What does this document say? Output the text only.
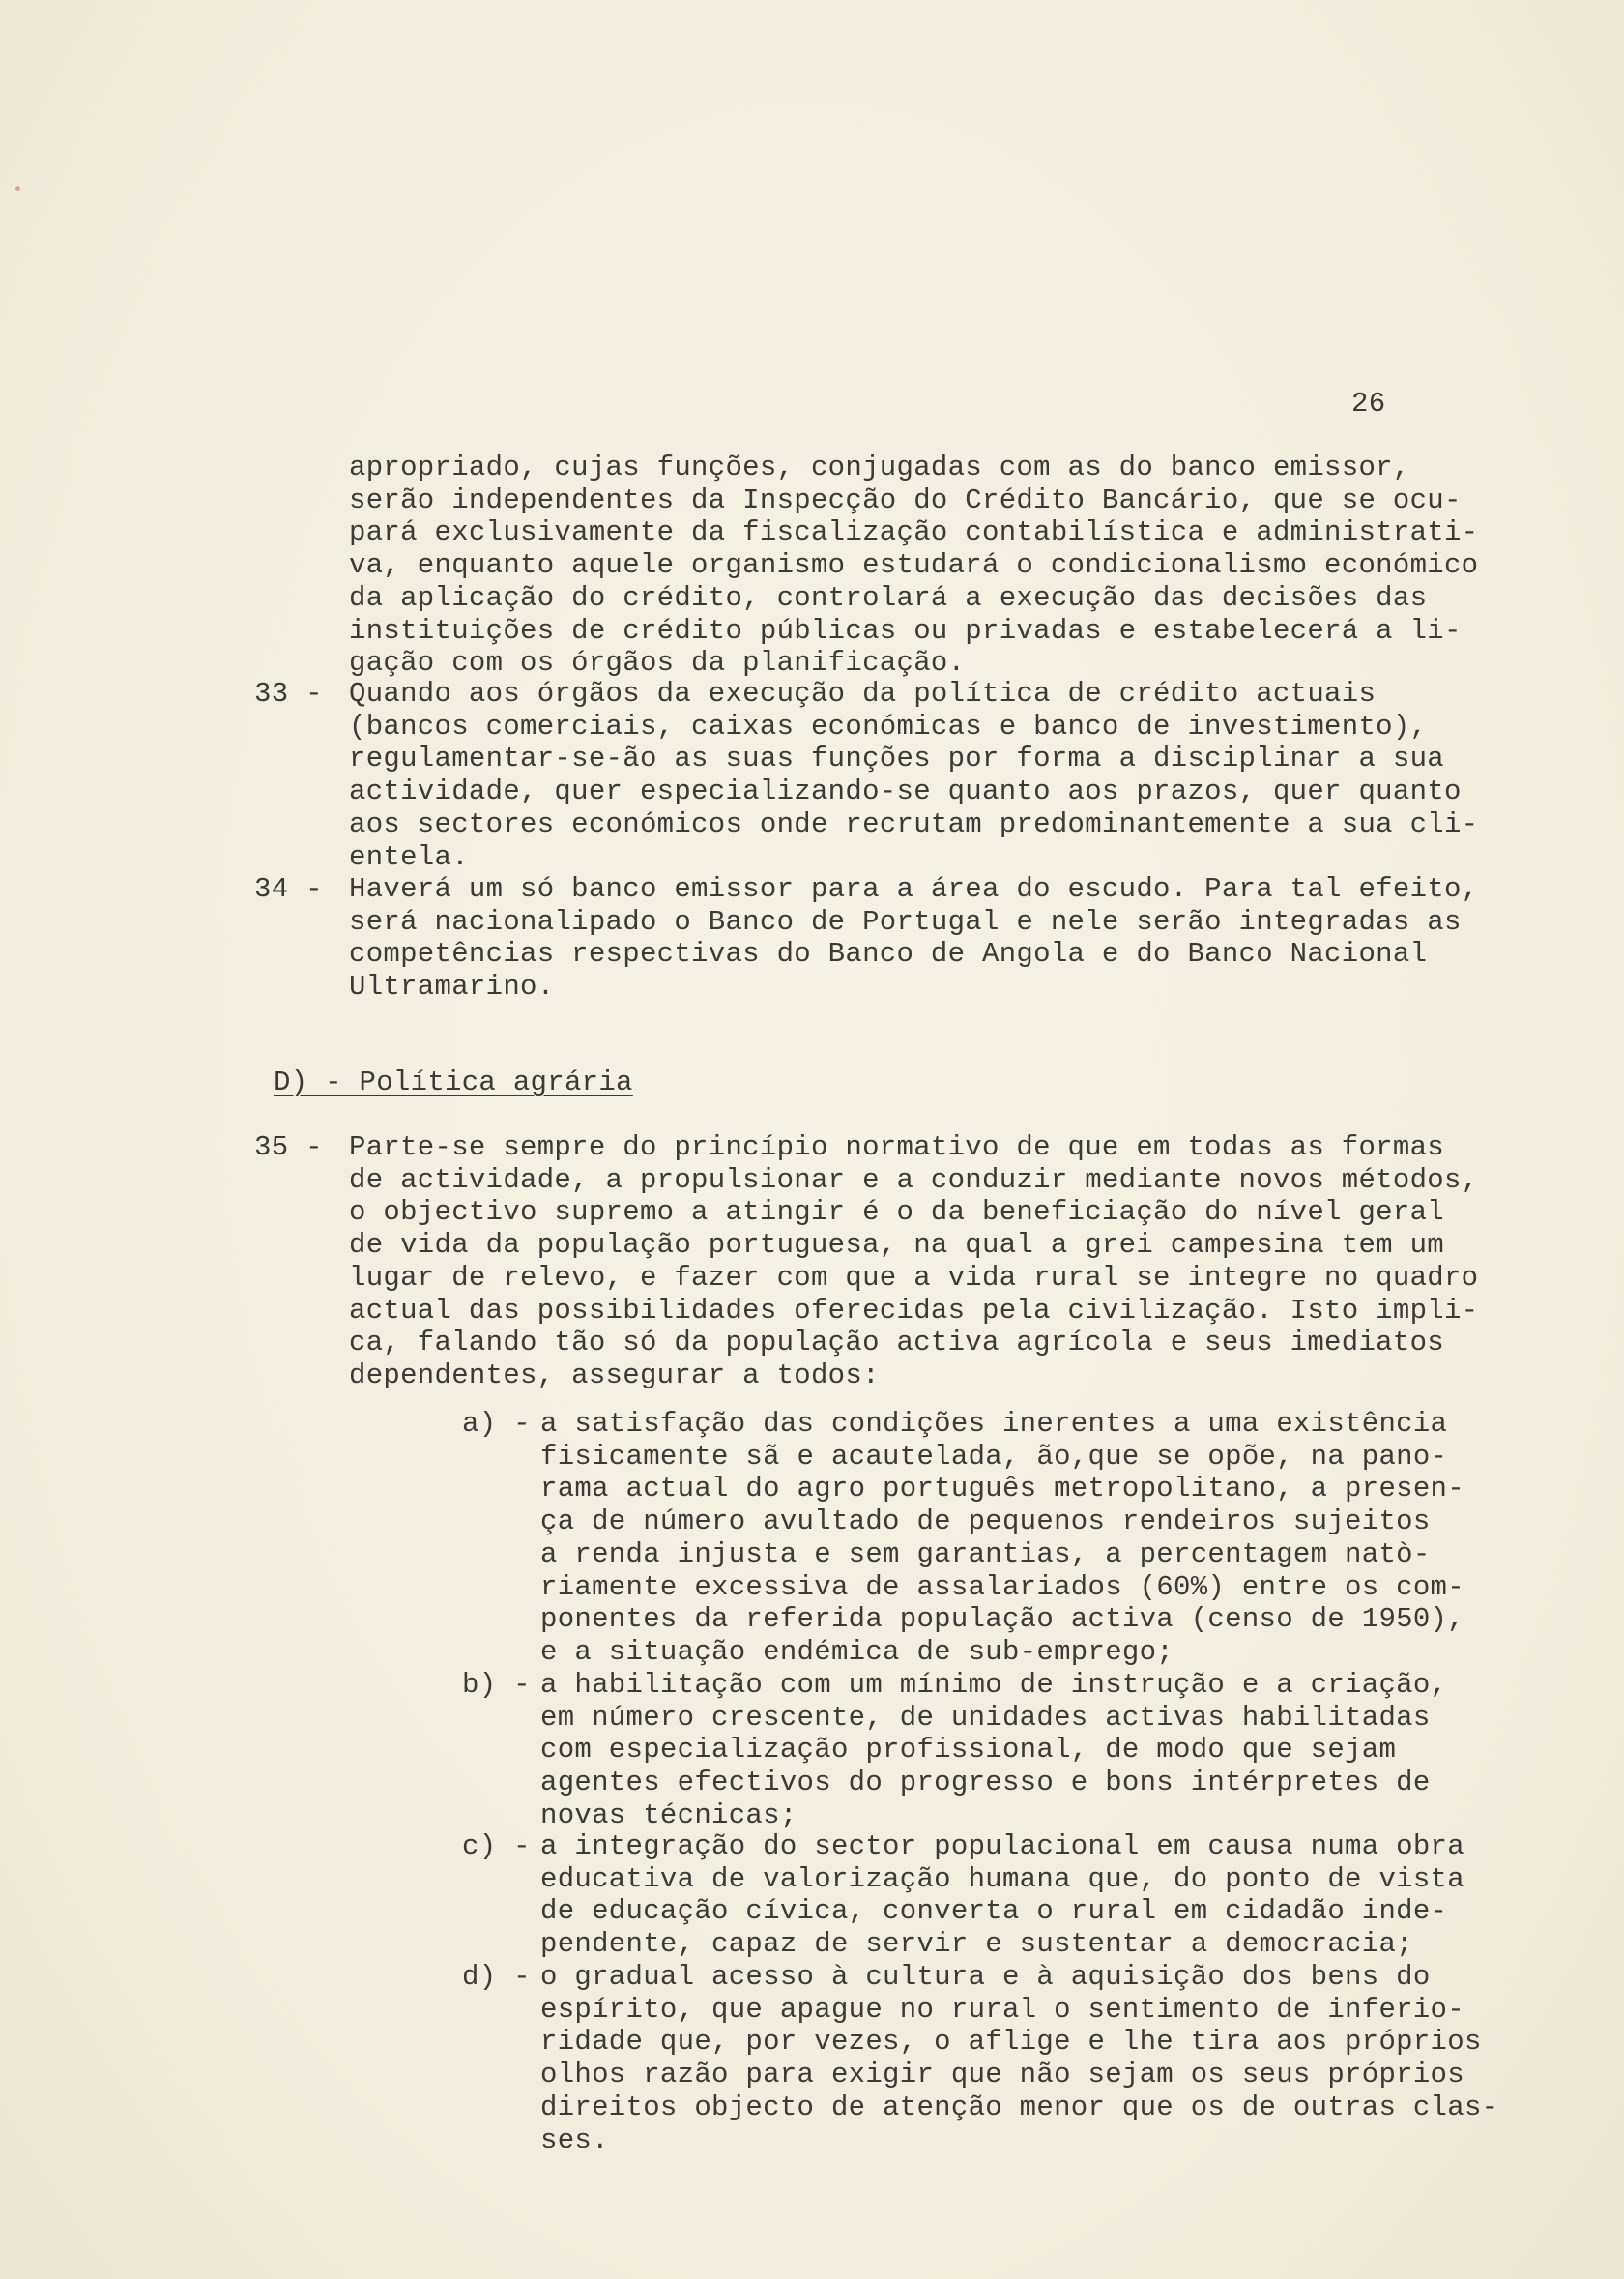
26
apropriado, cujas funções, conjugadas com as do banco emissor,
serão independentes da Inspecção do Crédito Bancário, que se ocu-
pará exclusivamente da fiscalização contabilística e administrati-
va, enquanto aquele organismo estudará o condicionalismo económico
da aplicação do crédito, controlará a execução das decisões das
instituições de crédito públicas ou privadas e estabelecerá a li-
gação com os órgãos da planificação.
33 - Quando aos órgãos da execução da política de crédito actuais
(bancos comerciais, caixas económicas e banco de investimento),
regulamentar-se-ão as suas funções por forma a disciplinar a sua
actividade, quer especializando-se quanto aos prazos, quer quanto
aos sectores económicos onde recrutam predominantemente a sua cli-
entela.
34 - Haverá um só banco emissor para a área do escudo. Para tal efeito,
será nacionalipado o Banco de Portugal e nele serão integradas as
competências respectivas do Banco de Angola e do Banco Nacional
Ultramarino.
D) - Política agrária
35 - Parte-se sempre do princípio normativo de que em todas as formas
de actividade, a propulsionar e a conduzir mediante novos métodos,
o objectivo supremo a atingir é o da beneficiação do nível geral
de vida da população portuguesa, na qual a grei campesina tem um
lugar de relevo, e fazer com que a vida rural se integre no quadro
actual das possibilidades oferecidas pela civilização. Isto impli-
ca, falando tão só da população activa agrícola e seus imediatos
dependentes, assegurar a todos:
a) - a satisfação das condições inerentes a uma existência
fisicamente sã e acautelada, ão,que se opõe, na pano-
rama actual do agro português metropolitano, a presen-
ça de número avultado de pequenos rendeiros sujeitos
a renda injusta e sem garantias, a percentagem natò-
riamente excessiva de assalariados (60%) entre os com-
ponentes da referida população activa (censo de 1950),
e a situação endémica de sub-emprego;
b) - a habilitação com um mínimo de instrução e a criação,
em número crescente, de unidades activas habilitadas
com especialização profissional, de modo que sejam
agentes efectivos do progresso e bons intérpretes de
novas técnicas;
c) - a integração do sector populacional em causa numa obra
educativa de valorização humana que, do ponto de vista
de educação cívica, converta o rural em cidadão inde-
pendente, capaz de servir e sustentar a democracia;
d) - o gradual acesso à cultura e à aquisição dos bens do
espírito, que apague no rural o sentimento de inferio-
ridade que, por vezes, o aflige e lhe tira aos próprios
olhos razão para exigir que não sejam os seus próprios
direitos objecto de atenção menor que os de outras clas-
ses.
